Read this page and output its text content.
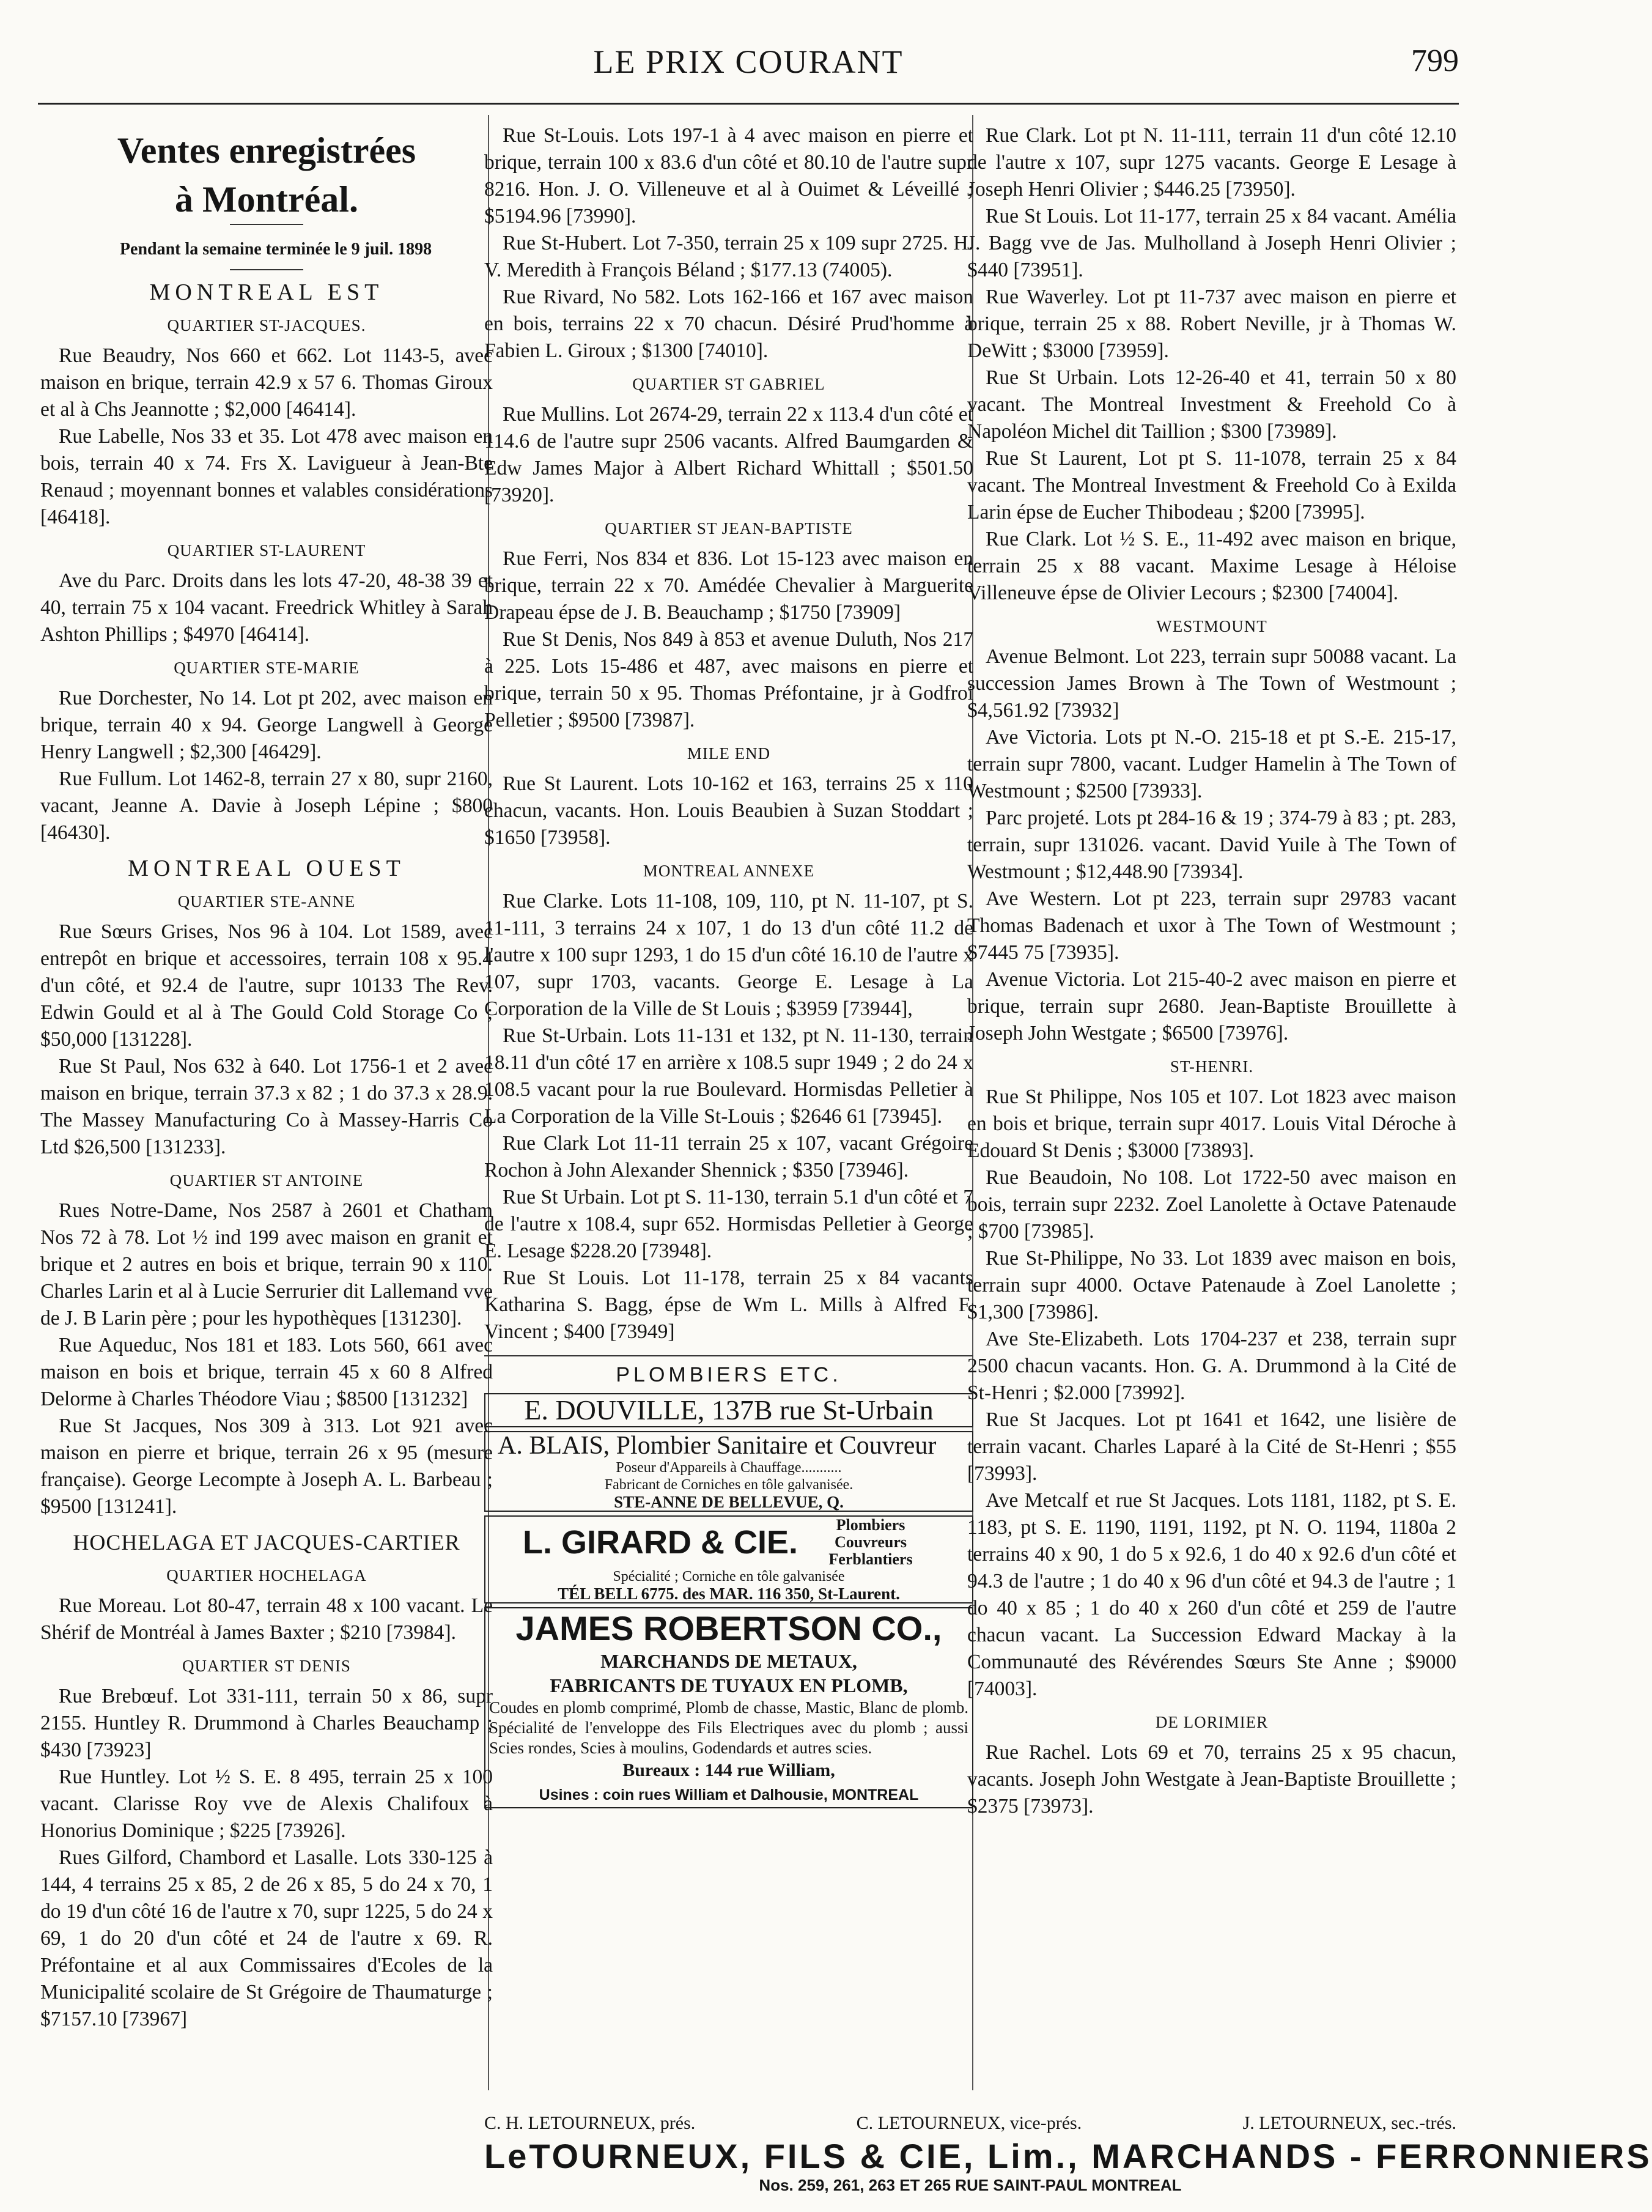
LE PRIX COURANT	799

Ventes enregistrées

à Montréal.

Pendant la semaine terminée le 9 juil. 1898

MONTREAL EST

QUARTIER ST-JACQUES.

Rue Beaudry, Nos 660 et 662. Lot 1143-5, avec maison en brique, terrain 42.9 x 57 6. Thomas Giroux et al à Chs Jeannotte ; $2,000 [46414].

Rue Labelle, Nos 33 et 35. Lot 478 avec maison en bois, terrain 40 x 74. Frs X. Lavigueur à Jean-Bte Renaud ; moyennant bonnes et valables considérations [46418].

QUARTIER ST-LAURENT

Ave du Parc. Droits dans les lots 47-20, 48-38 39 et 40, terrain 75 x 104 vacant. Freedrick Whitley à Sarah Ashton Phillips ; $4970 [46414].

QUARTIER STE-MARIE

Rue Dorchester, No 14. Lot pt 202, avec maison en brique, terrain 40 x 94. George Langwell à George Henry Langwell ; $2,300 [46429].

Rue Fullum. Lot 1462-8, terrain 27 x 80, supr 2160, vacant, Jeanne A. Davie à Joseph Lépine ; $800 [46430].

MONTREAL OUEST

QUARTIER STE-ANNE

Rue Sœurs Grises, Nos 96 à 104. Lot 1589, avec entrepôt en brique et accessoires, terrain 108 x 95.4 d'un côté, et 92.4 de l'autre, supr 10133 The Rev. Edwin Gould et al à The Gould Cold Storage Co ; $50,000 [131228].

Rue St Paul, Nos 632 à 640. Lot 1756-1 et 2 avec maison en brique, terrain 37.3 x 82 ; 1 do 37.3 x 28.9. The Massey Manufacturing Co à Massey-Harris Co Ltd $26,500 [131233].

QUARTIER ST ANTOINE

Rues Notre-Dame, Nos 2587 à 2601 et Chatham Nos 72 à 78. Lot ½ ind 199 avec maison en granit et brique et 2 autres en bois et brique, terrain 90 x 110. Charles Larin et al à Lucie Serrurier dit Lallemand vve de J. B Larin père ; pour les hypothèques [131230].

Rue Aqueduc, Nos 181 et 183. Lots 560, 661 avec maison en bois et brique, terrain 45 x 60 8 Alfred Delorme à Charles Théodore Viau ; $8500 [131232]

Rue St Jacques, Nos 309 à 313. Lot 921 avec maison en pierre et brique, terrain 26 x 95 (mesure française). George Lecompte à Joseph A. L. Barbeau ; $9500 [131241].

HOCHELAGA ET JACQUES-CARTIER

QUARTIER HOCHELAGA

Rue Moreau. Lot 80-47, terrain 48 x 100 vacant. Le Shérif de Montréal à James Baxter ; $210 [73984].

QUARTIER ST DENIS

Rue Brebœuf. Lot 331-111, terrain 50 x 86, supr 2155. Huntley R. Drummond à Charles Beauchamp ; $430 [73923]

Rue Huntley. Lot ½ S. E. 8 495, terrain 25 x 100 vacant. Clarisse Roy vve de Alexis Chalifoux à Honorius Dominique ; $225 [73926].

Rues Gilford, Chambord et Lasalle. Lots 330-125 à 144, 4 terrains 25 x 85, 2 de 26 x 85, 5 do 24 x 70, 1 do 19 d'un côté 16 de l'autre x 70, supr 1225, 5 do 24 x 69, 1 do 20 d'un côté et 24 de l'autre x 69. R. Préfontaine et al aux Commissaires d'Ecoles de la Municipalité scolaire de St Grégoire de Thaumaturge ; $7157.10 [73967]

Rue St-Louis. Lots 197-1 à 4 avec maison en pierre et brique, terrain 100 x 83.6 d'un côté et 80.10 de l'autre supr 8216. Hon. J. O. Villeneuve et al à Ouimet & Léveillé ; $5194.96 [73990].

Rue St-Hubert. Lot 7-350, terrain 25 x 109 supr 2725. H. V. Meredith à François Béland ; $177.13 (74005).

Rue Rivard, No 582. Lots 162-166 et 167 avec maison en bois, terrains 22 x 70 chacun. Désiré Prud'homme à Fabien L. Giroux ; $1300 [74010].

QUARTIER ST GABRIEL

Rue Mullins. Lot 2674-29, terrain 22 x 113.4 d'un côté et 114.6 de l'autre supr 2506 vacants. Alfred Baumgarden & Edw James Major à Albert Richard Whittall ; $501.50 [73920].

QUARTIER ST JEAN-BAPTISTE

Rue Ferri, Nos 834 et 836. Lot 15-123 avec maison en brique, terrain 22 x 70. Amédée Chevalier à Marguerite Drapeau épse de J. B. Beauchamp ; $1750 [73909]

Rue St Denis, Nos 849 à 853 et avenue Duluth, Nos 217 à 225. Lots 15-486 et 487, avec maisons en pierre et brique, terrain 50 x 95. Thomas Préfontaine, jr à Godfroi Pelletier ; $9500 [73987].

MILE END

Rue St Laurent. Lots 10-162 et 163, terrains 25 x 110 chacun, vacants. Hon. Louis Beaubien à Suzan Stoddart ; $1650 [73958].

MONTREAL ANNEXE

Rue Clarke. Lots 11-108, 109, 110, pt N. 11-107, pt S. 11-111, 3 terrains 24 x 107, 1 do 13 d'un côté 11.2 de l'autre x 100 supr 1293, 1 do 15 d'un côté 16.10 de l'autre x 107, supr 1703, vacants. George E. Lesage à La Corporation de la Ville de St Louis ; $3959 [73944],

Rue St-Urbain. Lots 11-131 et 132, pt N. 11-130, terrain 18.11 d'un côté 17 en arrière x 108.5 supr 1949 ; 2 do 24 x 108.5 vacant pour la rue Boulevard. Hormisdas Pelletier à La Corporation de la Ville St-Louis ; $2646 61 [73945].

Rue Clark Lot 11-11 terrain 25 x 107, vacant Grégoire Rochon à John Alexander Shennick ; $350 [73946].

Rue St Urbain. Lot pt S. 11-130, terrain 5.1 d'un côté et 7 de l'autre x 108.4, supr 652. Hormisdas Pelletier à George E. Lesage $228.20 [73948].

Rue St Louis. Lot 11-178, terrain 25 x 84 vacants Katharina S. Bagg, épse de Wm L. Mills à Alfred F. Vincent ; $400 [73949]

PLOMBIERS ETC.

E. DOUVILLE, 137B rue St-Urbain

A. BLAIS, Plombier Sanitaire et Couvreur

Poseur d'Appareils à Chauffage...........

Fabricant de Corniches en tôle galvanisée.

STE-ANNE DE BELLEVUE, Q.

L. GIRARD & CIE.	Plombiers Couvreurs Ferblantiers

Spécialité ; Corniche en tôle galvanisée

TÉL BELL 6775. des MAR. 116 350, St-Laurent.

JAMES ROBERTSON CO.,

MARCHANDS DE METAUX,

FABRICANTS DE TUYAUX EN PLOMB,

Coudes en plomb comprimé, Plomb de chasse, Mastic, Blanc de plomb. Spécialité de l'enveloppe des Fils Electriques avec du plomb ; aussi Scies rondes, Scies à moulins, Godendards et autres scies.

Bureaux : 144 rue William,

Usines : coin rues William et Dalhousie, MONTREAL

Rue Clark. Lot pt N. 11-111, terrain 11 d'un côté 12.10 de l'autre x 107, supr 1275 vacants. George E Lesage à Joseph Henri Olivier ; $446.25 [73950].

Rue St Louis. Lot 11-177, terrain 25 x 84 vacant. Amélia J. Bagg vve de Jas. Mulholland à Joseph Henri Olivier ; $440 [73951].

Rue Waverley. Lot pt 11-737 avec maison en pierre et brique, terrain 25 x 88. Robert Neville, jr à Thomas W. DeWitt ; $3000 [73959].

Rue St Urbain. Lots 12-26-40 et 41, terrain 50 x 80 vacant. The Montreal Investment & Freehold Co à Napoléon Michel dit Taillion ; $300 [73989].

Rue St Laurent, Lot pt S. 11-1078, terrain 25 x 84 vacant. The Montreal Investment & Freehold Co à Exilda Larin épse de Eucher Thibodeau ; $200 [73995].

Rue Clark. Lot ½ S. E., 11-492 avec maison en brique, terrain 25 x 88 vacant. Maxime Lesage à Héloise Villeneuve épse de Olivier Lecours ; $2300 [74004].

WESTMOUNT

Avenue Belmont. Lot 223, terrain supr 50088 vacant. La succession James Brown à The Town of Westmount ; $4,561.92 [73932]

Ave Victoria. Lots pt N.-O. 215-18 et pt S.-E. 215-17, terrain supr 7800, vacant. Ludger Hamelin à The Town of Westmount ; $2500 [73933].

Parc projeté. Lots pt 284-16 & 19 ; 374-79 à 83 ; pt. 283, terrain, supr 131026. vacant. David Yuile à The Town of Westmount ; $12,448.90 [73934].

Ave Western. Lot pt 223, terrain supr 29783 vacant Thomas Badenach et uxor à The Town of Westmount ; $7445 75 [73935].

Avenue Victoria. Lot 215-40-2 avec maison en pierre et brique, terrain supr 2680. Jean-Baptiste Brouillette à Joseph John Westgate ; $6500 [73976].

ST-HENRI.

Rue St Philippe, Nos 105 et 107. Lot 1823 avec maison en bois et brique, terrain supr 4017. Louis Vital Déroche à Edouard St Denis ; $3000 [73893].

Rue Beaudoin, No 108. Lot 1722-50 avec maison en bois, terrain supr 2232. Zoel Lanolette à Octave Patenaude ; $700 [73985].

Rue St-Philippe, No 33. Lot 1839 avec maison en bois, terrain supr 4000. Octave Patenaude à Zoel Lanolette ; $1,300 [73986].

Ave Ste-Elizabeth. Lots 1704-237 et 238, terrain supr 2500 chacun vacants. Hon. G. A. Drummond à la Cité de St-Henri ; $2.000 [73992].

Rue St Jacques. Lot pt 1641 et 1642, une lisière de terrain vacant. Charles Laparé à la Cité de St-Henri ; $55 [73993].

Ave Metcalf et rue St Jacques. Lots 1181, 1182, pt S. E. 1183, pt S. E. 1190, 1191, 1192, pt N. O. 1194, 1180a 2 terrains 40 x 90, 1 do 5 x 92.6, 1 do 40 x 92.6 d'un côté et 94.3 de l'autre ; 1 do 40 x 96 d'un côté et 94.3 de l'autre ; 1 do 40 x 85 ; 1 do 40 x 260 d'un côté et 259 de l'autre chacun vacant. La Succession Edward Mackay à la Communauté des Révérendes Sœurs Ste Anne ; $9000 [74003].

DE LORIMIER

Rue Rachel. Lots 69 et 70, terrains 25 x 95 chacun, vacants. Joseph John Westgate à Jean-Baptiste Brouillette ; $2375 [73973].

C. H. LETOURNEUX, prés.	C. LETOURNEUX, vice-prés.	J. LETOURNEUX, sec.-trés.
LeTOURNEUX, FILS & CIE, Lim., MARCHANDS - FERRONNIERS
Nos. 259, 261, 263 ET 265 RUE SAINT-PAUL MONTREAL
